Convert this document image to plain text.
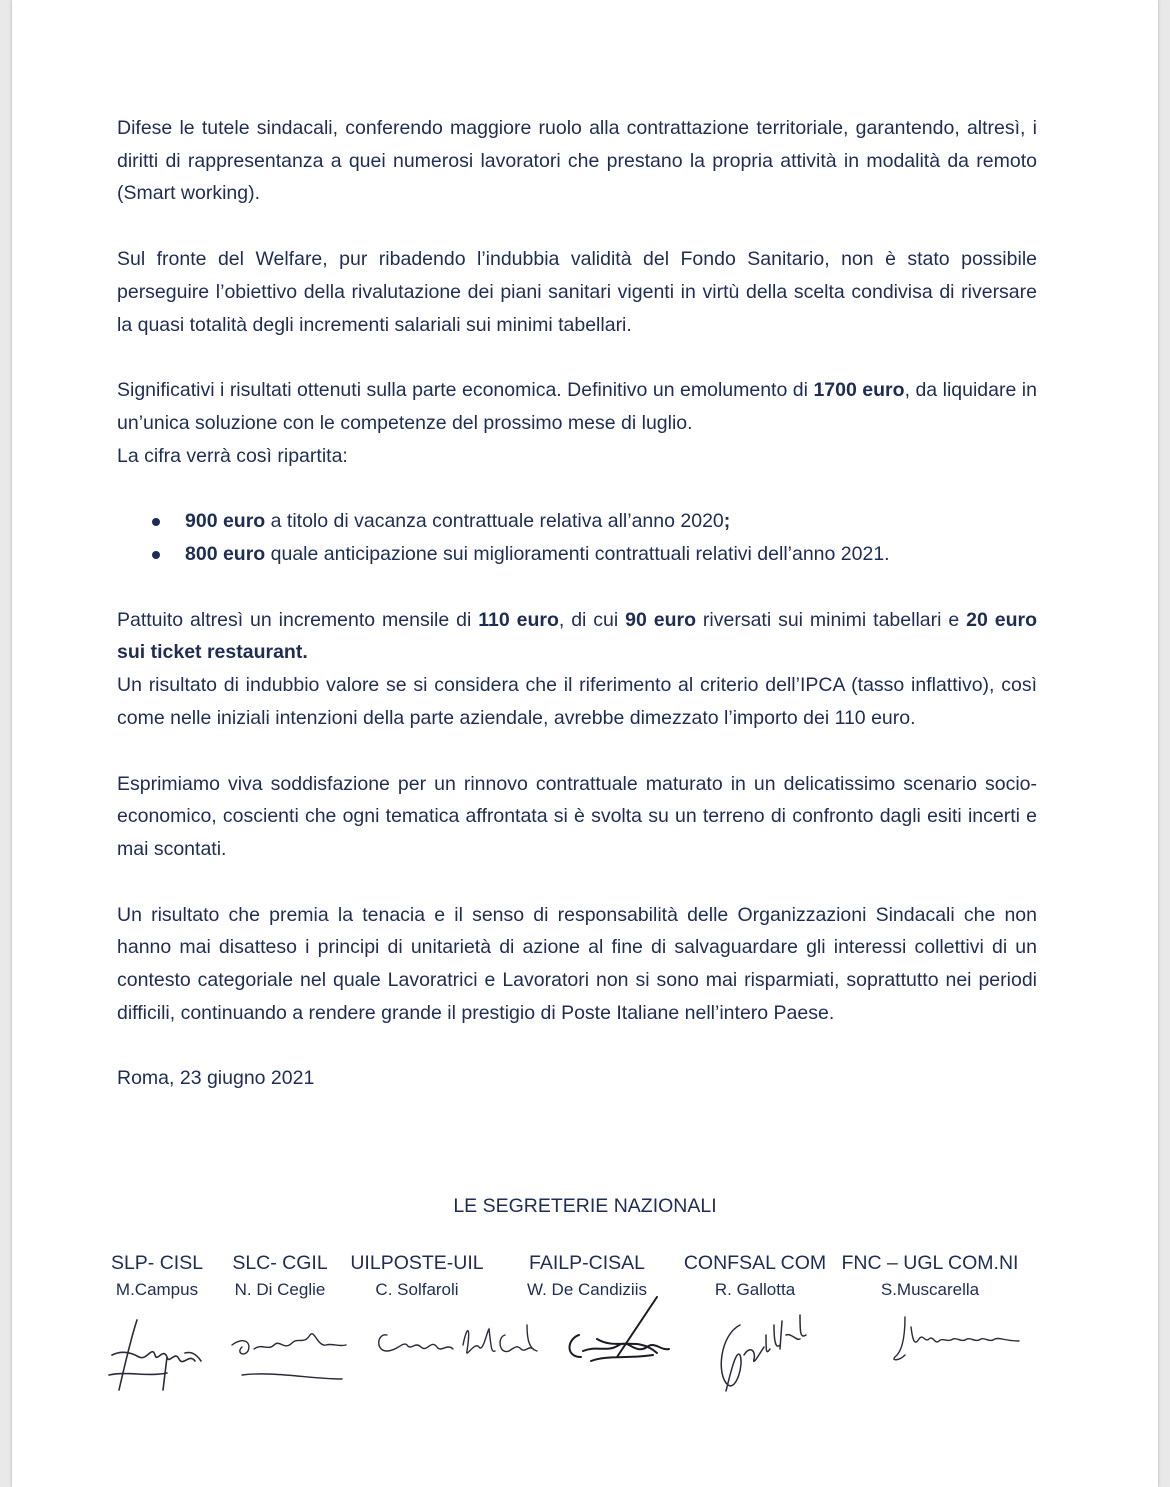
Difese le tutele sindacali, conferendo maggiore ruolo alla contrattazione territoriale, garantendo, altresì, i diritti di rappresentanza a quei numerosi lavoratori che prestano la propria attività in modalità da remoto (Smart working).

Sul fronte del Welfare, pur ribadendo l’indubbia validità del Fondo Sanitario, non è stato possibile perseguire l’obiettivo della rivalutazione dei piani sanitari vigenti in virtù della scelta condivisa di riversare la quasi totalità degli incrementi salariali sui minimi tabellari.

Significativi i risultati ottenuti sulla parte economica. Definitivo un emolumento di 1700 euro, da liquidare in un’unica soluzione con le competenze del prossimo mese di luglio.

La cifra verrà così ripartita:

900 euro a titolo di vacanza contrattuale relativa all’anno 2020;
800 euro quale anticipazione sui miglioramenti contrattuali relativi dell’anno 2021.

Pattuito altresì un incremento mensile di 110 euro, di cui 90 euro riversati sui minimi tabellari e 20 euro sui ticket restaurant.

Un risultato di indubbio valore se si considera che il riferimento al criterio dell’IPCA (tasso inflattivo), così come nelle iniziali intenzioni della parte aziendale, avrebbe dimezzato l’importo dei 110 euro.

Esprimiamo viva soddisfazione per un rinnovo contrattuale maturato in un delicatissimo scenario socio-economico, coscienti che ogni tematica affrontata si è svolta su un terreno di confronto dagli esiti incerti e mai scontati.

Un risultato che premia la tenacia e il senso di responsabilità delle Organizzazioni Sindacali che non hanno mai disatteso i principi di unitarietà di azione al fine di salvaguardare gli interessi collettivi di un contesto categoriale nel quale Lavoratrici e Lavoratori non si sono mai risparmiati, soprattutto nei periodi difficili, continuando a rendere grande il prestigio di Poste Italiane nell’intero Paese.

Roma, 23 giugno 2021

LE SEGRETERIE NAZIONALI
SLP- CISL
M.Campus
SLC- CGIL
N. Di Ceglie
UILPOSTE-UIL
C. Solfaroli
FAILP-CISAL
W. De Candiziis
CONFSAL COM
R. Gallotta
FNC – UGL COM.NI
S.Muscarella
